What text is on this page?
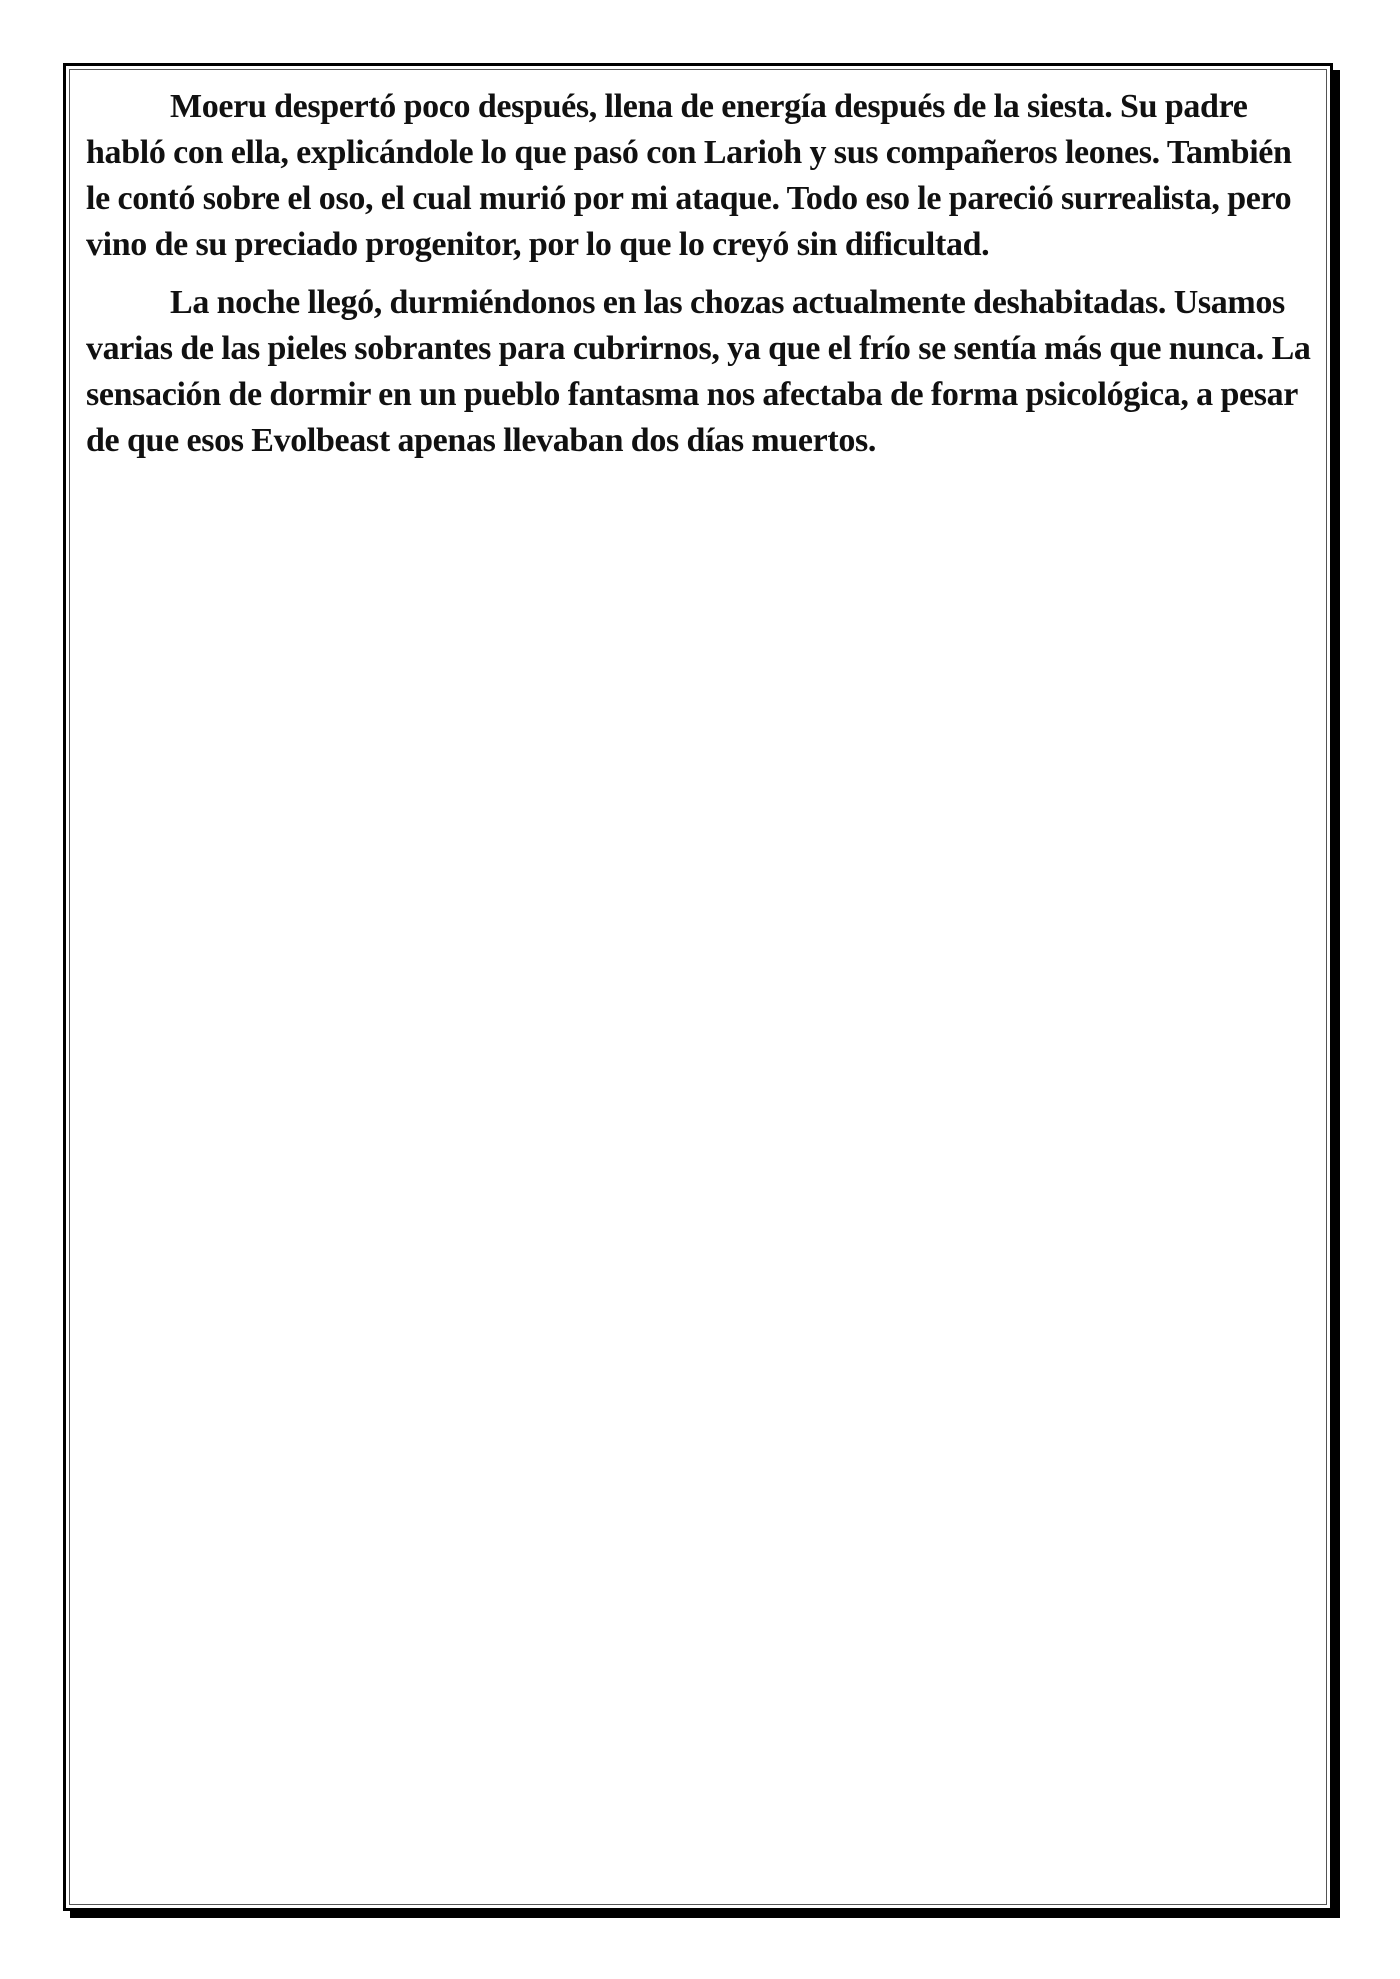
Moeru despertó poco después, llena de energía después de la siesta. Su padre habló con ella, explicándole lo que pasó con Larioh y sus compañeros leones. También le contó sobre el oso, el cual murió por mi ataque. Todo eso le pareció surrealista, pero vino de su preciado progenitor, por lo que lo creyó sin dificultad.

La noche llegó, durmiéndonos en las chozas actualmente deshabitadas. Usamos varias de las pieles sobrantes para cubrirnos, ya que el frío se sentía más que nunca. La sensación de dormir en un pueblo fantasma nos afectaba de forma psicológica, a pesar de que esos Evolbeast apenas llevaban dos días muertos.
